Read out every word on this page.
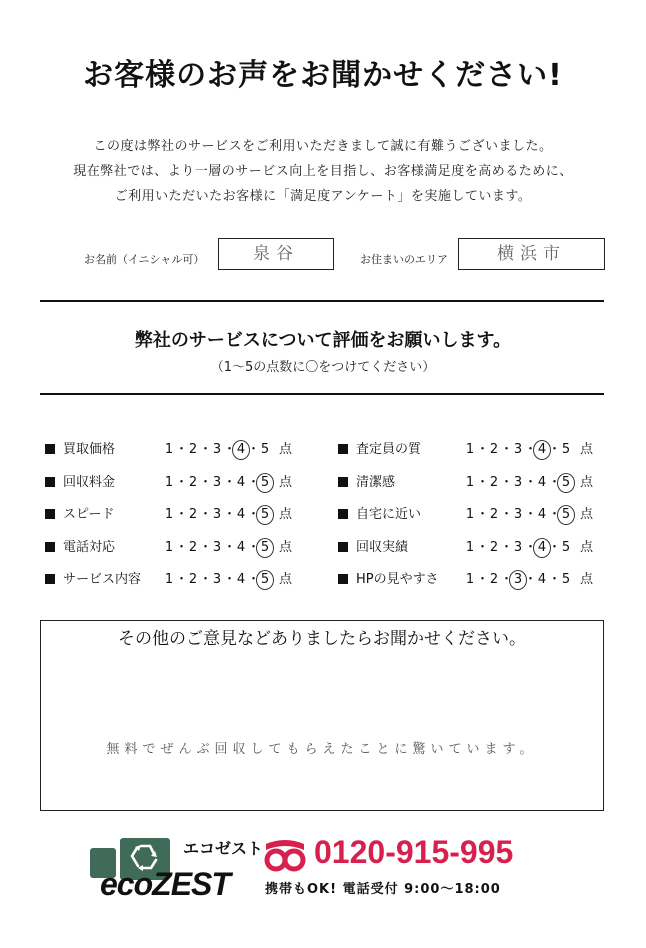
お客様のお声をお聞かせください!
この度は弊社のサービスをご利用いただきまして誠に有難うございました。
現在弊社では、より一層のサービス向上を目指し、お客様満足度を高めるために、
ご利用いただいたお客様に「満足度アンケート」を実施しています。
お名前（イニシャル可）	泉谷	お住まいのエリア	横浜市
弊社のサービスについて評価をお願いします。
（1〜5の点数に〇をつけてください）
買取価格	1 ・2 ・3 ・4 ・5 点
回収料金	1 ・2 ・3 ・4 ・5 点
スピード	1 ・2 ・3 ・4 ・5 点
電話対応	1 ・2 ・3 ・4 ・5 点
サービス内容 1 ・2 ・3 ・4 ・5 点
査定員の質	1 ・2 ・3 ・4 ・5 点
清潔感	1 ・2 ・3 ・4 ・5 点
自宅に近い	1 ・2 ・3 ・4 ・5 点
回収実績	1 ・2 ・3 ・4 ・5 点
HPの見やすさ 1 ・2 ・3 ・4 ・5 点
その他のご意見などありましたらお聞かせください。
無料でぜんぶ回収してもらえたことに驚いています。
エコゼスト
ecoZEST
0120-915-995
携帯もOK! 電話受付 9:00〜18:00
